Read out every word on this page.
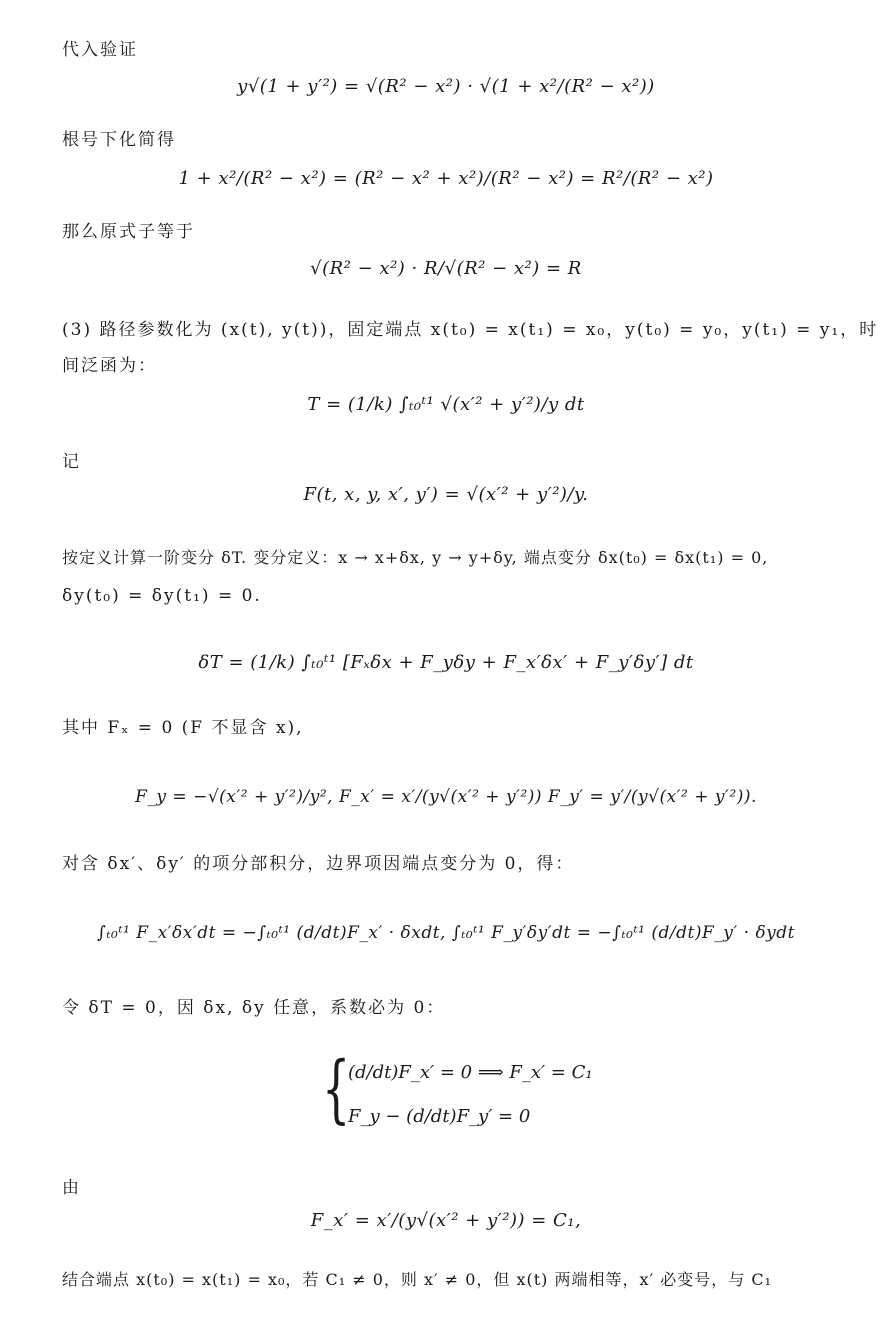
代入验证
y√(1 + y′²) = √(R² − x²) · √(1 + x²/(R² − x²))
根号下化简得
1 + x²/(R² − x²) = (R² − x² + x²)/(R² − x²) = R²/(R² − x²)
那么原式子等于
√(R² − x²) · R/√(R² − x²) = R
(3) 路径参数化为 (x(t), y(t))，固定端点 x(t₀) = x(t₁) = x₀，y(t₀) = y₀，y(t₁) = y₁，时
间泛函为：
T = (1/k) ∫ₜ₀ᵗ¹ √(x′² + y′²)/y dt
记
F(t, x, y, x′, y′) = √(x′² + y′²)/y.
按定义计算一阶变分 δT. 变分定义：x → x+δx, y → y+δy, 端点变分 δx(t₀) = δx(t₁) = 0,
δy(t₀) = δy(t₁) = 0.
δT = (1/k) ∫ₜ₀ᵗ¹ [Fₓδx + F_yδy + F_x′δx′ + F_y′δy′] dt
其中 Fₓ = 0 (F 不显含 x),
F_y = −√(x′² + y′²)/y², F_x′ = x′/(y√(x′² + y′²)) F_y′ = y′/(y√(x′² + y′²)).
对含 δx′、δy′ 的项分部积分，边界项因端点变分为 0，得：
∫ₜ₀ᵗ¹ F_x′δx′dt = −∫ₜ₀ᵗ¹ (d/dt)F_x′ · δxdt, ∫ₜ₀ᵗ¹ F_y′δy′dt = −∫ₜ₀ᵗ¹ (d/dt)F_y′ · δydt
令 δT = 0，因 δx, δy 任意，系数必为 0：
{
(d/dt)F_x′ = 0 ⟹ F_x′ = C₁
F_y − (d/dt)F_y′ = 0
由
F_x′ = x′/(y√(x′² + y′²)) = C₁,
结合端点 x(t₀) = x(t₁) = x₀，若 C₁ ≠ 0，则 x′ ≠ 0，但 x(t) 两端相等，x′ 必变号，与 C₁
